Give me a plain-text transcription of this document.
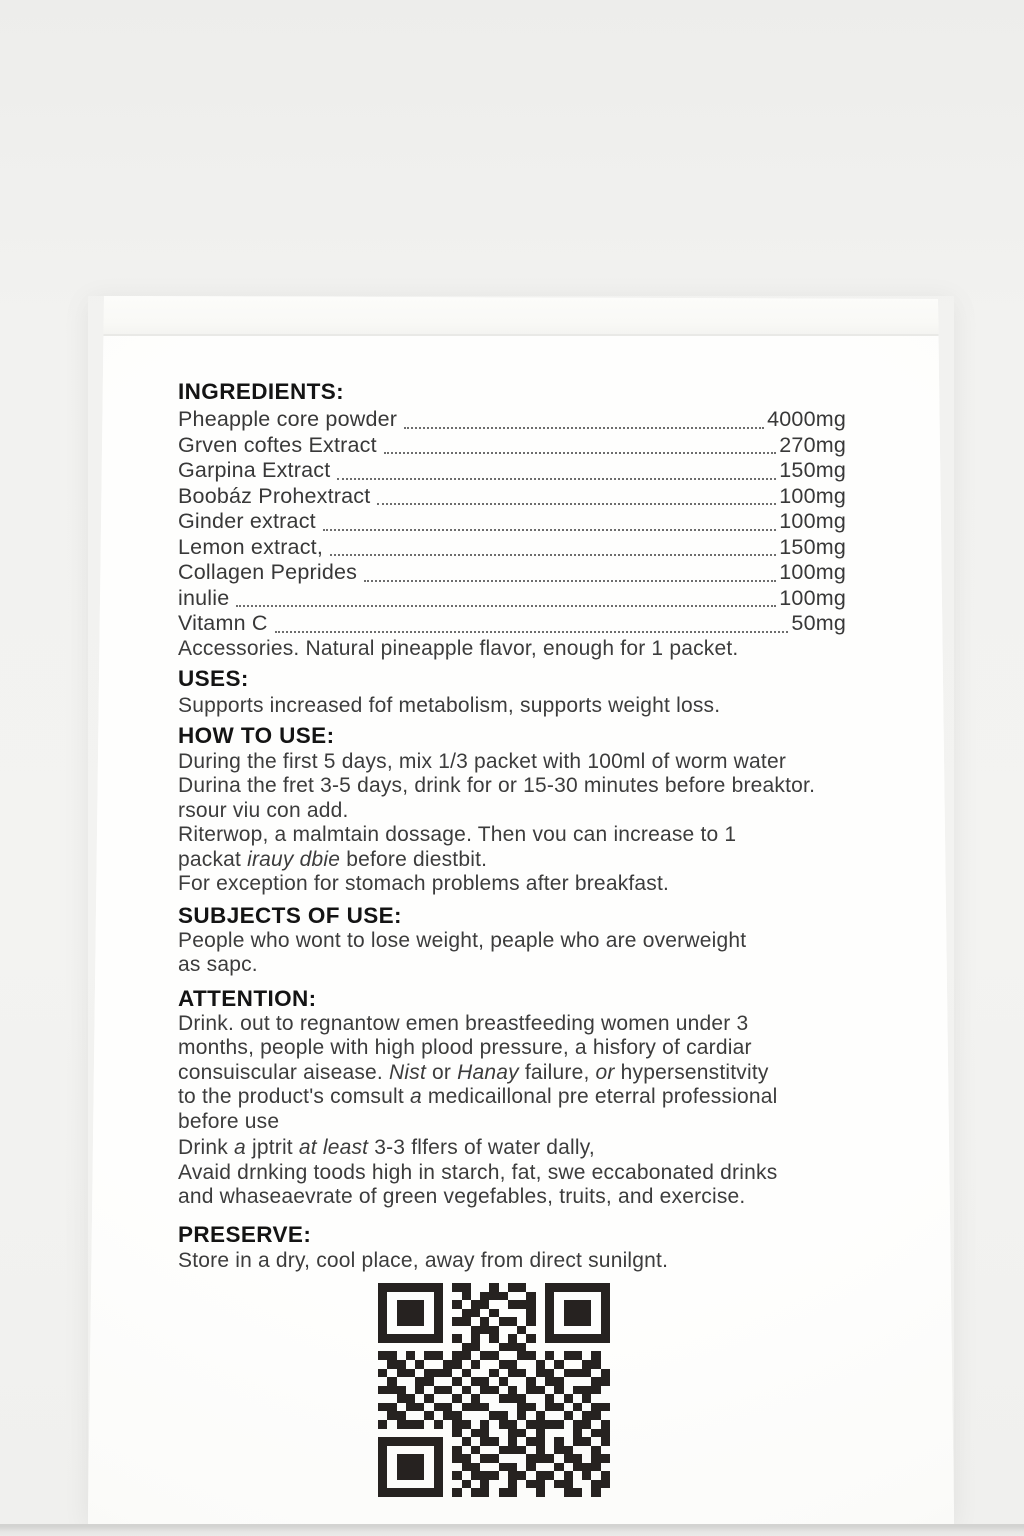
INGREDIENTS:
Pheapple core powder	4000mg
Grven coftes Extract	270mg
Garpina Extract	150mg
Boobáz Prohextract	100mg
Ginder extract	100mg
Lemon extract,	150mg
Collagen Peprides	100mg
inulie	100mg
Vitamn C	50mg
Accessories. Natural pineapple flavor, enough for 1 packet.
USES:
Supports increased fof metabolism, supports weight loss.
HOW TO USE:
During the first 5 days, mix 1/3 packet with 100ml of worm water
Durina the fret 3-5 days, drink for or 15-30 minutes before breaktor.
rsour viu con add.
Riterwop, a malmtain dossage. Then vou can increase to 1
packat irauy dbie before diestbit.
For exception for stomach problems after breakfast.
SUBJECTS OF USE:
People who wont to lose weight, peaple who are overweight
as sapc.
ATTENTION:
Drink. out to regnantow emen breastfeeding women under 3
months, people with high plood pressure, a hisfory of cardiar
consuiscular aisease. Nist or Hanay failure, or hypersenstitvity
to the product's comsult a medicaillonal pre eterral professional
before use
Drink a jptrit at least 3-3 flfers of water dally,
Avaid drnking toods high in starch, fat, swe eccabonated drinks
and whaseaevrate of green vegefables, truits, and exercise.
PRESERVE:
Store in a dry, cool place, away from direct sunilgnt.
